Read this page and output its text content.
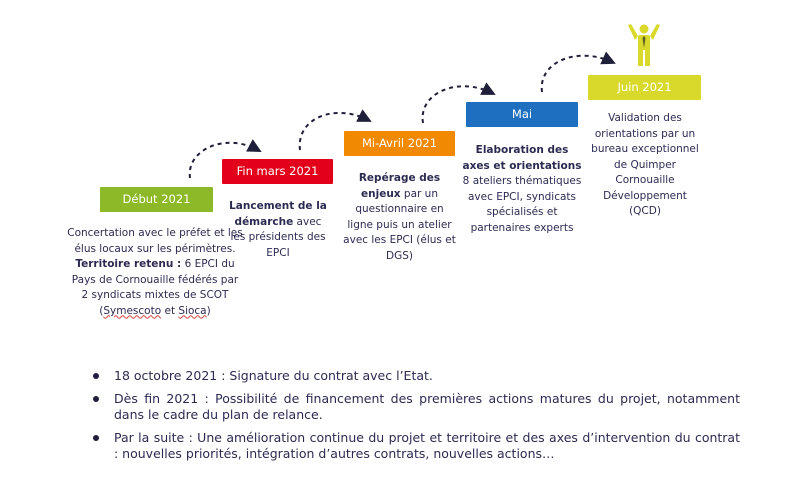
Début 2021
Fin mars 2021
Mi-Avril 2021
Mai
Juin 2021
Concertation avec le préfet et les
élus locaux sur les périmètres.
Territoire retenu : 6 EPCI du
Pays de Cornouaille fédérés par
2 syndicats mixtes de SCOT
(Symescoto et Sioca)
Lancement de la
démarche avec
les présidents des
EPCI
Repérage des
enjeux par un
questionnaire en
ligne puis un atelier
avec les EPCI (élus et
DGS)
Elaboration des
axes et orientations
8 ateliers thématiques
avec EPCI, syndicats
spécialisés et
partenaires experts
Validation des
orientations par un
bureau exceptionnel
de Quimper
Cornouaille
Développement
(QCD)
18 octobre 2021 : Signature du contrat avec l’Etat.
Dès fin 2021 : Possibilité de financement des premières actions matures du projet, notamment dans le cadre du plan de relance.
Par la suite : Une amélioration continue du projet et territoire et des axes d’intervention du contrat : nouvelles priorités, intégration d’autres contrats, nouvelles actions…
